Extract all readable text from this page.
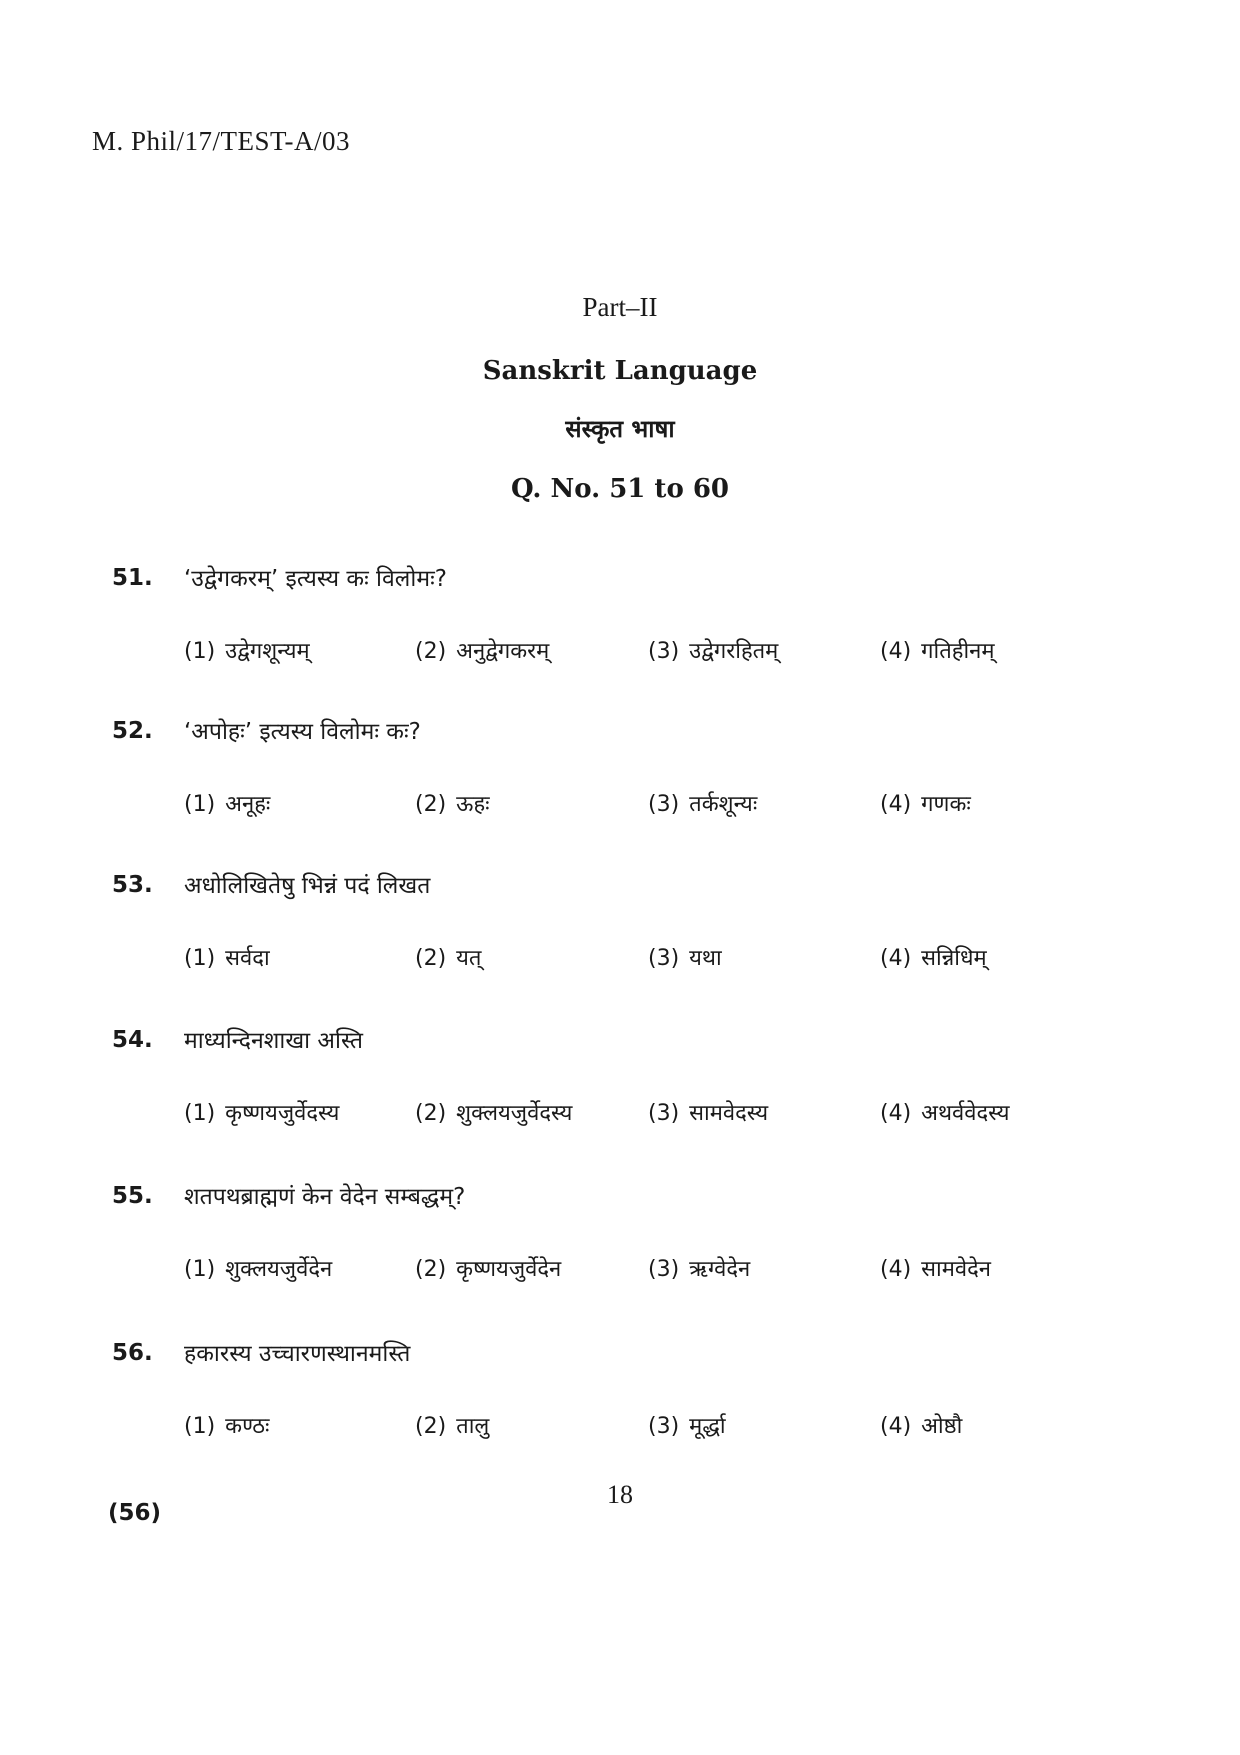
M. Phil/17/TEST-A/03
Part–II
Sanskrit Language
संस्कृत भाषा
Q. No. 51 to 60
51. ‘उद्वेगकरम्’ इत्यस्य कः विलोमः?
(1) उद्वेगशून्यम्	(2) अनुद्वेगकरम्	(3) उद्वेगरहितम्	(4) गतिहीनम्
52. ‘अपोहः’ इत्यस्य विलोमः कः?
(1) अनूहः	(2) ऊहः	(3) तर्कशून्यः	(4) गणकः
53. अधोलिखितेषु भिन्नं पदं लिखत
(1) सर्वदा	(2) यत्	(3) यथा	(4) सन्निधिम्
54. माध्यन्दिनशाखा अस्ति
(1) कृष्णयजुर्वेदस्य	(2) शुक्लयजुर्वेदस्य	(3) सामवेदस्य	(4) अथर्ववेदस्य
55. शतपथब्राह्मणं केन वेदेन सम्बद्धम्?
(1) शुक्लयजुर्वेदेन	(2) कृष्णयजुर्वेदेन	(3) ऋग्वेदेन	(4) सामवेदेन
56. हकारस्य उच्चारणस्थानमस्ति
(1) कण्ठः	(2) तालु	(3) मूर्द्धा	(4) ओष्ठौ
18
(56)
